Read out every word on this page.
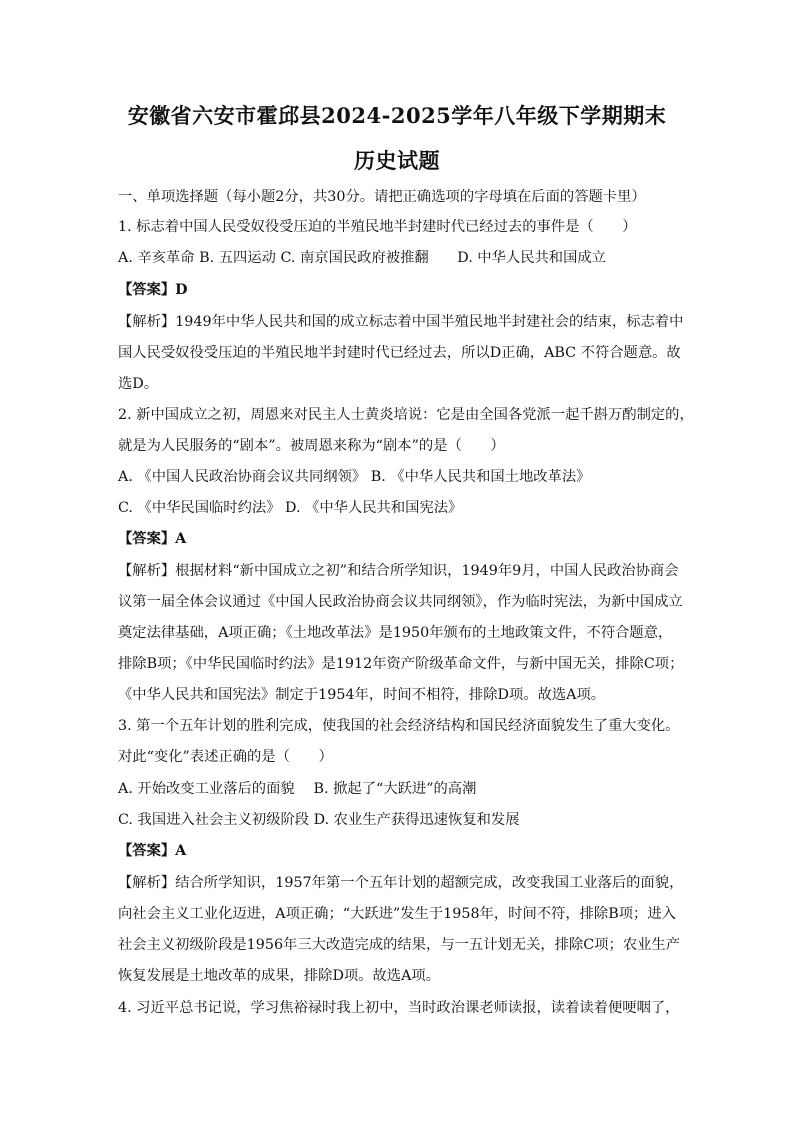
安徽省六安市霍邱县2024-2025学年八年级下学期期末
历史试题
一、单项选择题（每小题2分，共30分。请把正确选项的字母填在后面的答题卡里）
1. 标志着中国人民受奴役受压迫的半殖民地半封建时代已经过去的事件是（　　）
A. 辛亥革命 B. 五四运动 C. 南京国民政府被推翻　　D. 中华人民共和国成立
【答案】D
【解析】1949年中华人民共和国的成立标志着中国半殖民地半封建社会的结束，标志着中
国人民受奴役受压迫的半殖民地半封建时代已经过去，所以D正确，ABC 不符合题意。故
选D。
2. 新中国成立之初，周恩来对民主人士黄炎培说：它是由全国各党派一起千斟万酌制定的，
就是为人民服务的“剧本”。被周恩来称为“剧本”的是（　　）
A. 《中国人民政治协商会议共同纲领》 B. 《中华人民共和国土地改革法》
C. 《中华民国临时约法》 D. 《中华人民共和国宪法》
【答案】A
【解析】根据材料“新中国成立之初”和结合所学知识，1949年9月，中国人民政治协商会
议第一届全体会议通过《中国人民政治协商会议共同纲领》，作为临时宪法，为新中国成立
奠定法律基础，A项正确；《土地改革法》是1950年颁布的土地政策文件，不符合题意，
排除B项；《中华民国临时约法》是1912年资产阶级革命文件，与新中国无关，排除C项；
《中华人民共和国宪法》制定于1954年，时间不相符，排除D项。故选A项。
3. 第一个五年计划的胜利完成，使我国的社会经济结构和国民经济面貌发生了重大变化。
对此“变化”表述正确的是（　　）
A. 开始改变工业落后的面貌　 B. 掀起了“大跃进”的高潮
C. 我国进入社会主义初级阶段 D. 农业生产获得迅速恢复和发展
【答案】A
【解析】结合所学知识，1957年第一个五年计划的超额完成，改变我国工业落后的面貌，
向社会主义工业化迈进，A项正确；“大跃进”发生于1958年，时间不符，排除B项；进入
社会主义初级阶段是1956年三大改造完成的结果，与一五计划无关，排除C项；农业生产
恢复发展是土地改革的成果，排除D项。故选A项。
4. 习近平总书记说，学习焦裕禄时我上初中，当时政治课老师读报，读着读着便哽咽了，
